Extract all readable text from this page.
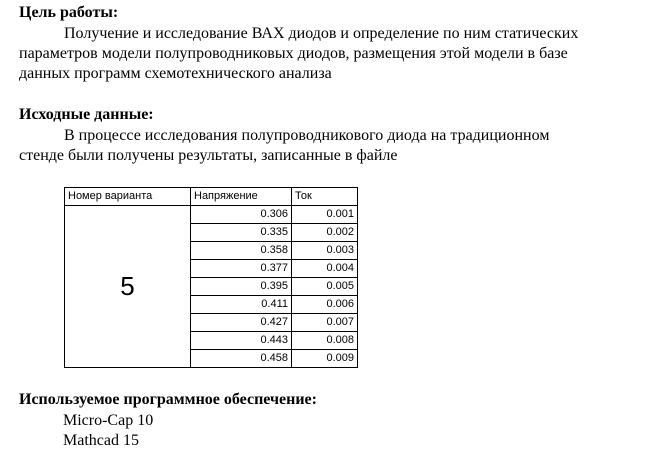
Цель работы:
Получение и исследование ВАХ диодов и определение по ним статических
параметров модели полупроводниковых диодов, размещения этой модели в базе
данных программ схемотехнического анализа
Исходные данные:
В процессе исследования полупроводникового диода на традиционном
стенде были получены результаты, записанные в файле
Номер варианта	Напряжение	Ток
5	0.306	0.001
	0.335	0.002
	0.358	0.003
	0.377	0.004
	0.395	0.005
	0.411	0.006
	0.427	0.007
	0.443	0.008
	0.458	0.009
Используемое программное обеспечение:
Micro-Cap 10
Mathcad 15
